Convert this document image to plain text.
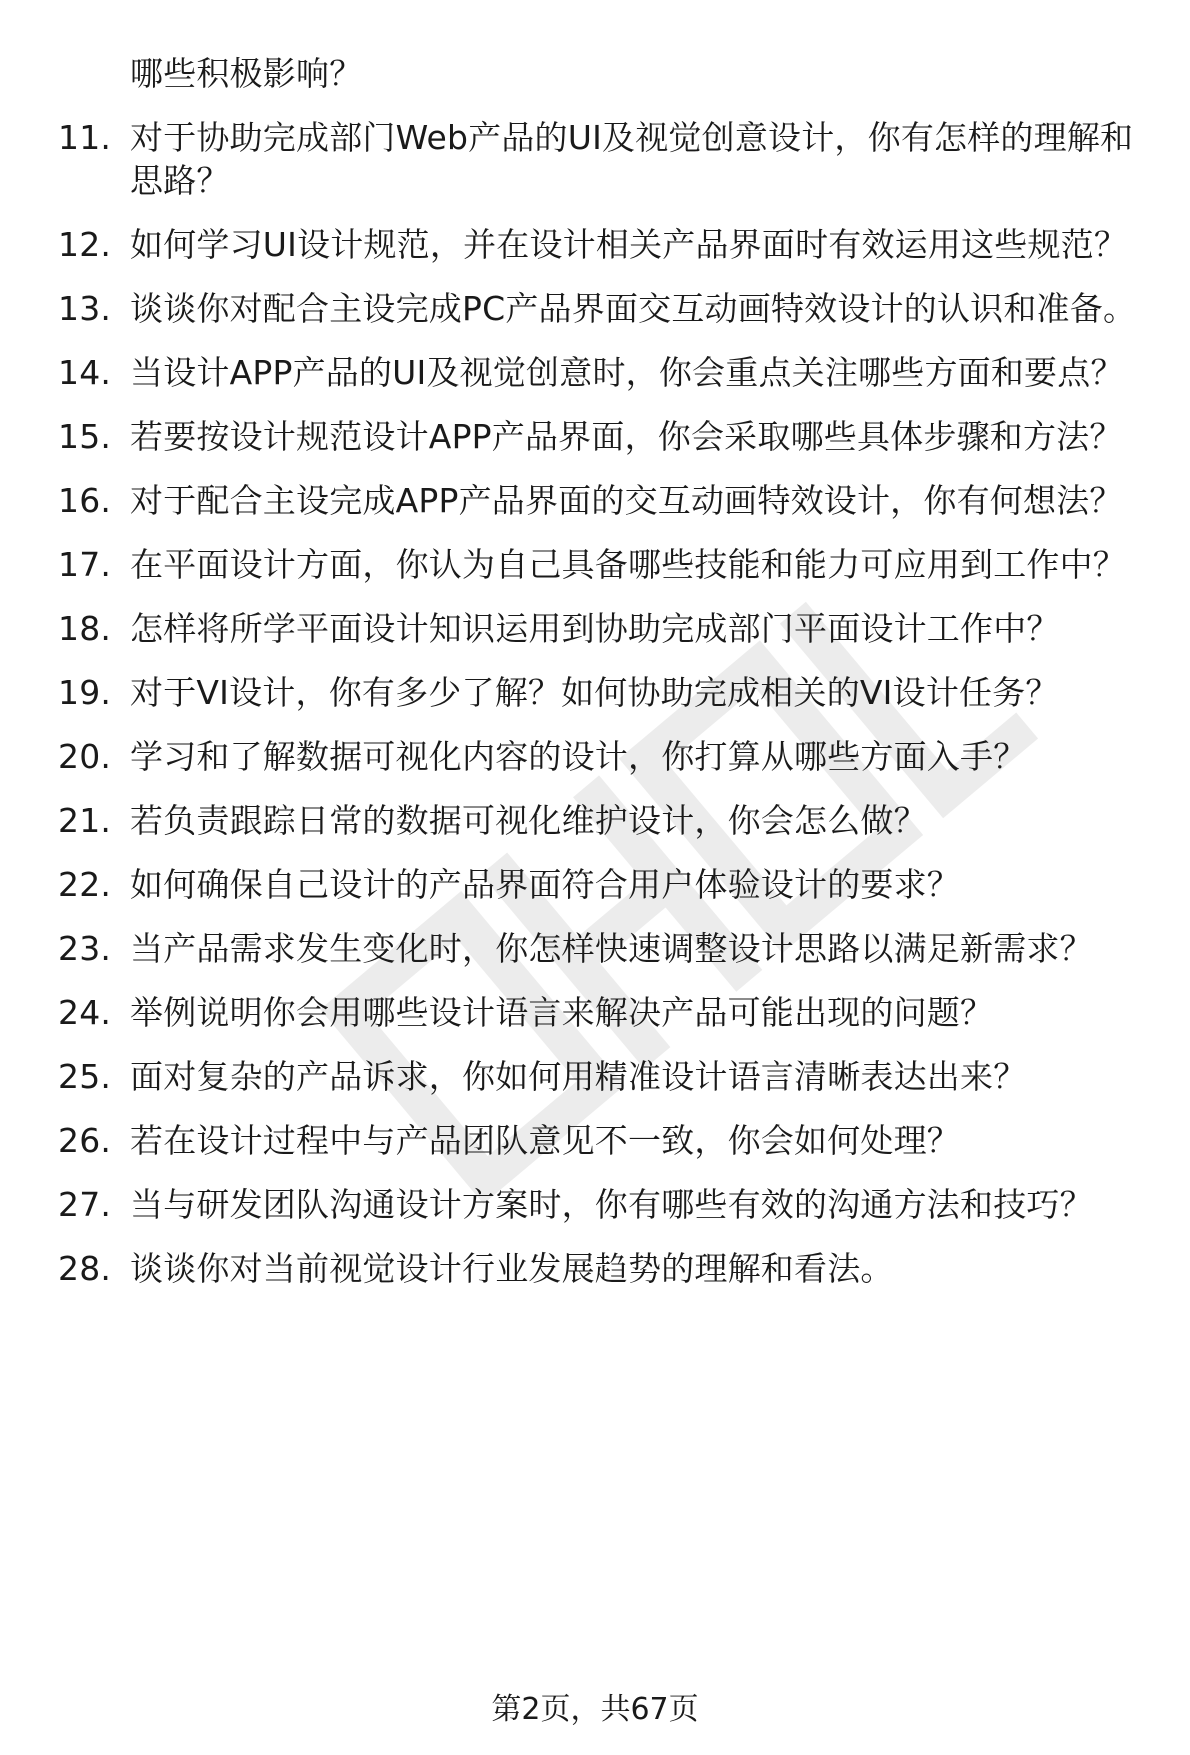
哪些积极影响？
11. 对于协助完成部门Web产品的UI及视觉创意设计，你有怎样的理解和思路？
12. 如何学习UI设计规范，并在设计相关产品界面时有效运用这些规范？
13. 谈谈你对配合主设完成PC产品界面交互动画特效设计的认识和准备。
14. 当设计APP产品的UI及视觉创意时，你会重点关注哪些方面和要点？
15. 若要按设计规范设计APP产品界面，你会采取哪些具体步骤和方法？
16. 对于配合主设完成APP产品界面的交互动画特效设计，你有何想法？
17. 在平面设计方面，你认为自己具备哪些技能和能力可应用到工作中？
18. 怎样将所学平面设计知识运用到协助完成部门平面设计工作中？
19. 对于VI设计，你有多少了解？如何协助完成相关的VI设计任务？
20. 学习和了解数据可视化内容的设计，你打算从哪些方面入手？
21. 若负责跟踪日常的数据可视化维护设计，你会怎么做？
22. 如何确保自己设计的产品界面符合用户体验设计的要求？
23. 当产品需求发生变化时，你怎样快速调整设计思路以满足新需求？
24. 举例说明你会用哪些设计语言来解决产品可能出现的问题？
25. 面对复杂的产品诉求，你如何用精准设计语言清晰表达出来？
26. 若在设计过程中与产品团队意见不一致，你会如何处理？
27. 当与研发团队沟通设计方案时，你有哪些有效的沟通方法和技巧？
28. 谈谈你对当前视觉设计行业发展趋势的理解和看法。
第2页，共67页
